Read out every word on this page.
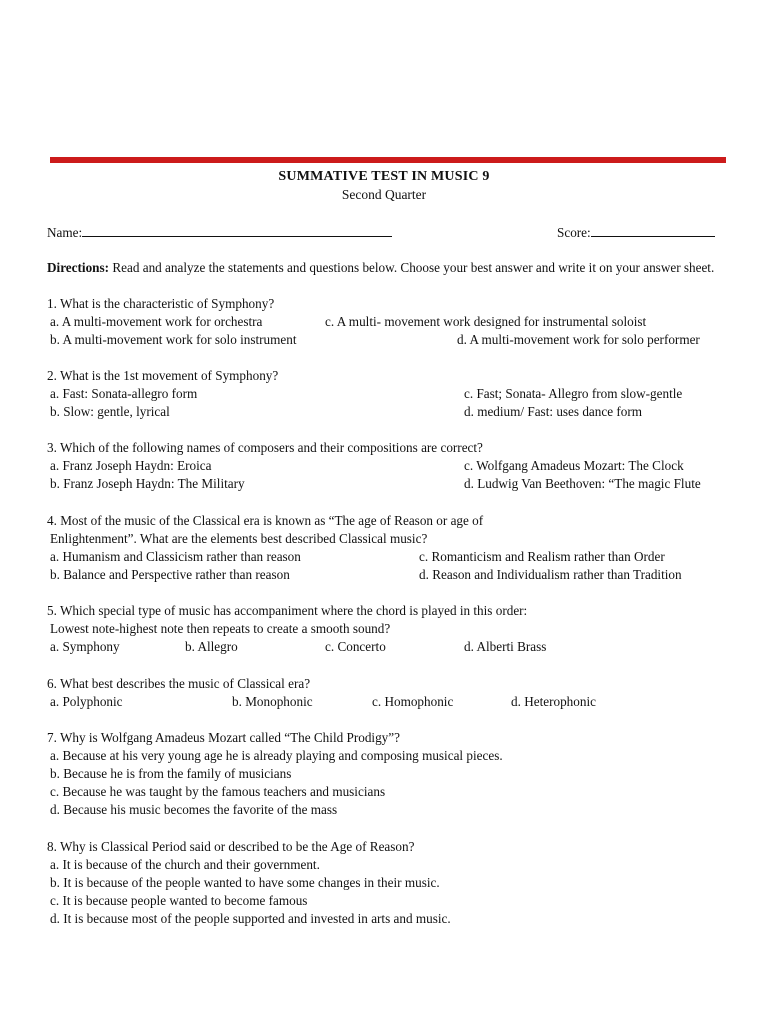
SUMMATIVE TEST IN MUSIC 9
Second Quarter
Name:	Score:
Directions: Read and analyze the statements and questions below. Choose your best answer and write it on your answer sheet.
1. What is the characteristic of Symphony?
a. A multi-movement work for orchestra	c. A multi- movement work designed for instrumental soloist
b. A multi-movement work for solo instrument	d. A multi-movement work for solo performer
2. What is the 1st movement of Symphony?
a. Fast: Sonata-allegro form	c. Fast; Sonata- Allegro from slow-gentle
b. Slow: gentle, lyrical	d. medium/ Fast: uses dance form
3. Which of the following names of composers and their compositions are correct?
a. Franz Joseph Haydn: Eroica	c. Wolfgang Amadeus Mozart: The Clock
b. Franz Joseph Haydn: The Military	d. Ludwig Van Beethoven: “The magic Flute
4. Most of the music of the Classical era is known as “The age of Reason or age of
Enlightenment”. What are the elements best described Classical music?
a. Humanism and Classicism rather than reason	c. Romanticism and Realism rather than Order
b. Balance and Perspective rather than reason	d. Reason and Individualism rather than Tradition
5. Which special type of music has accompaniment where the chord is played in this order:
Lowest note-highest note then repeats to create a smooth sound?
a. Symphony	b. Allegro	c. Concerto	d. Alberti Brass
6. What best describes the music of Classical era?
a. Polyphonic	b. Monophonic	c. Homophonic	d. Heterophonic
7. Why is Wolfgang Amadeus Mozart called “The Child Prodigy”?
a. Because at his very young age he is already playing and composing musical pieces.
b. Because he is from the family of musicians
c. Because he was taught by the famous teachers and musicians
d. Because his music becomes the favorite of the mass
8. Why is Classical Period said or described to be the Age of Reason?
a. It is because of the church and their government.
b. It is because of the people wanted to have some changes in their music.
c. It is because people wanted to become famous
d. It is because most of the people supported and invested in arts and music.
